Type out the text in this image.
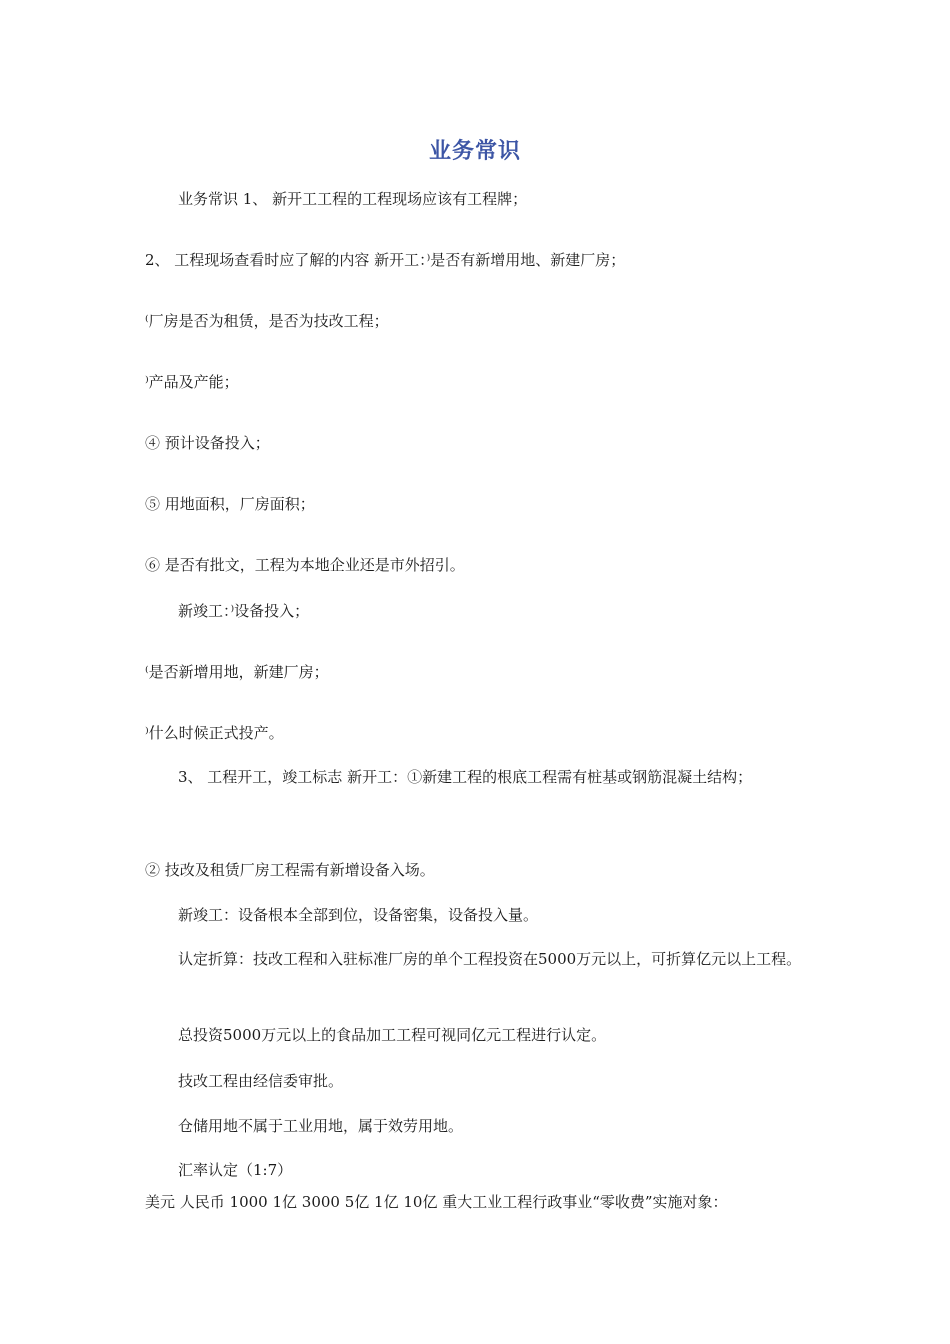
业务常识
业务常识 1、 新开工工程的工程现场应该有工程牌；
2、 工程现场查看时应了解的内容 新开工：⁾是否有新增用地、新建厂房；
⁽厂房是否为租赁，是否为技改工程；
⁾产品及产能；
④ 预计设备投入；
⑤ 用地面积，厂房面积；
⑥ 是否有批文，工程为本地企业还是市外招引。
新竣工：⁾设备投入；
⁽是否新增用地，新建厂房；
⁾什么时候正式投产。
3、 工程开工，竣工标志 新开工：①新建工程的根底工程需有桩基或钢筋混凝土结构；
② 技改及租赁厂房工程需有新增设备入场。
新竣工：设备根本全部到位，设备密集，设备投入量。
认定折算：技改工程和入驻标准厂房的单个工程投资在5000万元以上，可折算亿元以上工程。
总投资5000万元以上的食品加工工程可视同亿元工程进行认定。
技改工程由经信委审批。
仓储用地不属于工业用地，属于效劳用地。
汇率认定（1:7）
美元 人民币 1000 1亿 3000 5亿 1亿 10亿 重大工业工程行政事业“零收费”实施对象：
